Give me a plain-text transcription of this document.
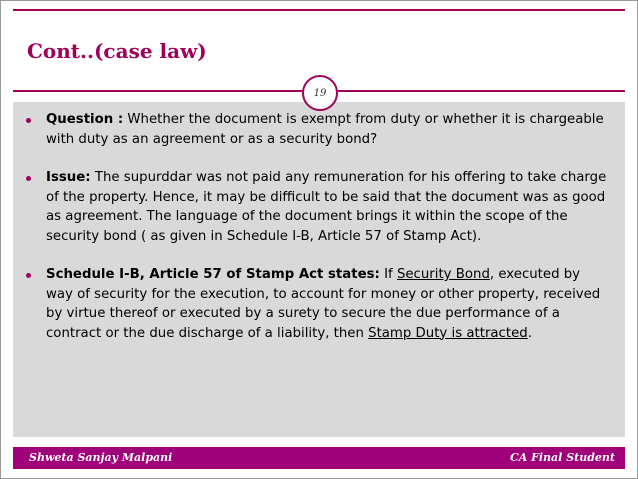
Cont..(case law)
19
Question : Whether the document is exempt from duty or whether it is chargeable with duty as an agreement or as a security bond?
Issue: The supurddar was not paid any remuneration for his offering to take charge of the property. Hence, it may be difficult to be said that the document was as good as agreement. The language of the document brings it within the scope of the security bond ( as given in Schedule I-B, Article 57 of Stamp Act).
Schedule I-B, Article 57 of Stamp Act states: If Security Bond, executed by way of security for the execution, to account for money or other property, received by virtue thereof or executed by a surety to secure the due performance of a contract or the due discharge of a liability, then Stamp Duty is attracted.
Shweta Sanjay Malpani	CA Final Student
